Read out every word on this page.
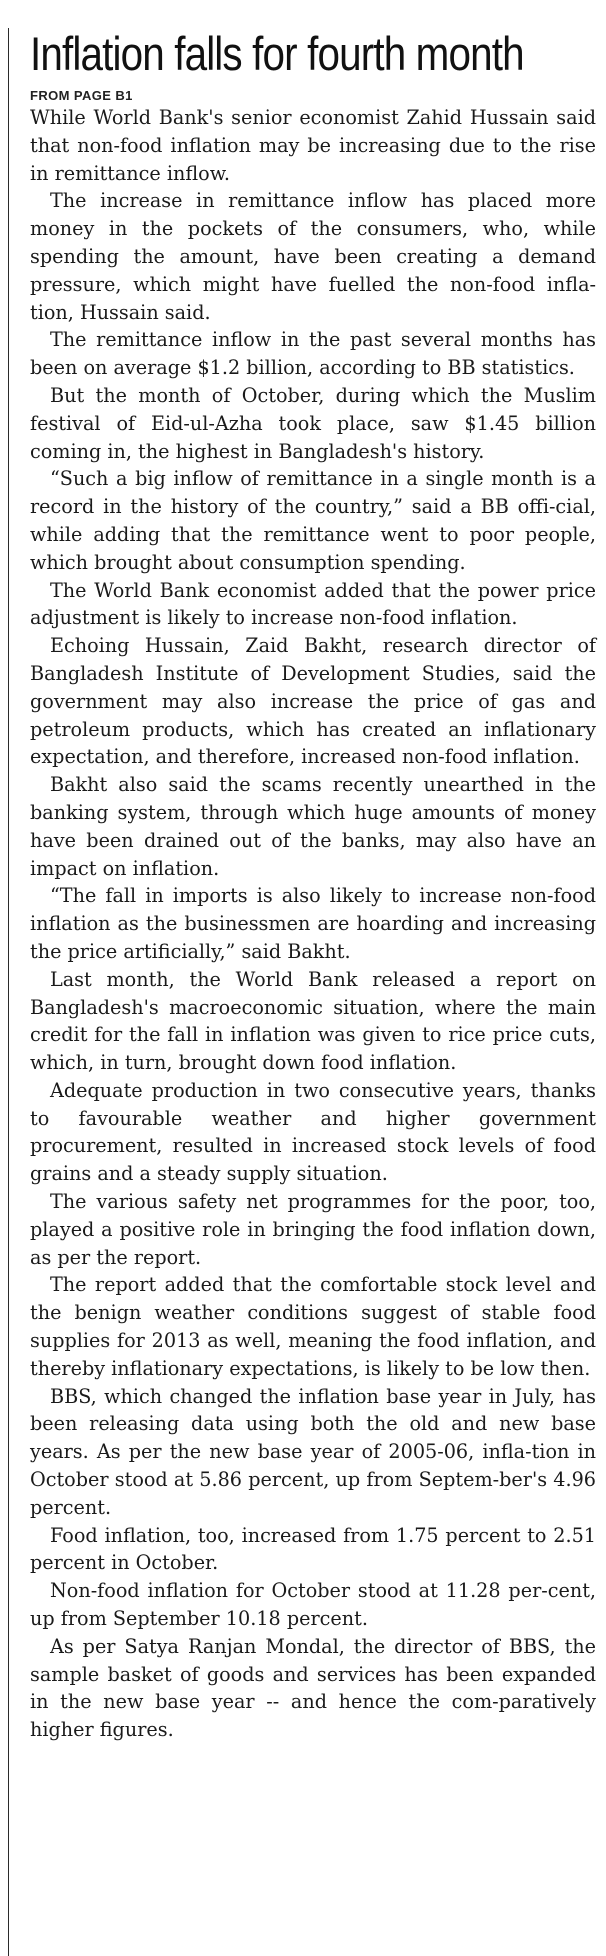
Inflation falls for fourth month
FROM PAGE B1

While World Bank's senior economist Zahid Hussain said that non-food inflation may be increasing due to the rise in remittance inflow.

The increase in remittance inflow has placed more money in the pockets of the consumers, who, while spending the amount, have been creating a demand pressure, which might have fuelled the non-food infla-tion, Hussain said.

The remittance inflow in the past several months has been on average $1.2 billion, according to BB statistics.

But the month of October, during which the Muslim festival of Eid-ul-Azha took place, saw $1.45 billion coming in, the highest in Bangladesh's history.

“Such a big inflow of remittance in a single month is a record in the history of the country,” said a BB offi-cial, while adding that the remittance went to poor people, which brought about consumption spending.

The World Bank economist added that the power price adjustment is likely to increase non-food inflation.

Echoing Hussain, Zaid Bakht, research director of Bangladesh Institute of Development Studies, said the government may also increase the price of gas and petroleum products, which has created an inflationary expectation, and therefore, increased non-food inflation.

Bakht also said the scams recently unearthed in the banking system, through which huge amounts of money have been drained out of the banks, may also have an impact on inflation.

“The fall in imports is also likely to increase non-food inflation as the businessmen are hoarding and increasing the price artificially,” said Bakht.

Last month, the World Bank released a report on Bangladesh's macroeconomic situation, where the main credit for the fall in inflation was given to rice price cuts, which, in turn, brought down food inflation.

Adequate production in two consecutive years, thanks to favourable weather and higher government procurement, resulted in increased stock levels of food grains and a steady supply situation.

The various safety net programmes for the poor, too, played a positive role in bringing the food inflation down, as per the report.

The report added that the comfortable stock level and the benign weather conditions suggest of stable food supplies for 2013 as well, meaning the food inflation, and thereby inflationary expectations, is likely to be low then.

BBS, which changed the inflation base year in July, has been releasing data using both the old and new base years. As per the new base year of 2005-06, infla-tion in October stood at 5.86 percent, up from Septem-ber's 4.96 percent.

Food inflation, too, increased from 1.75 percent to 2.51 percent in October.

Non-food inflation for October stood at 11.28 per-cent, up from September 10.18 percent.

As per Satya Ranjan Mondal, the director of BBS, the sample basket of goods and services has been expanded in the new base year -- and hence the com-paratively higher figures.
